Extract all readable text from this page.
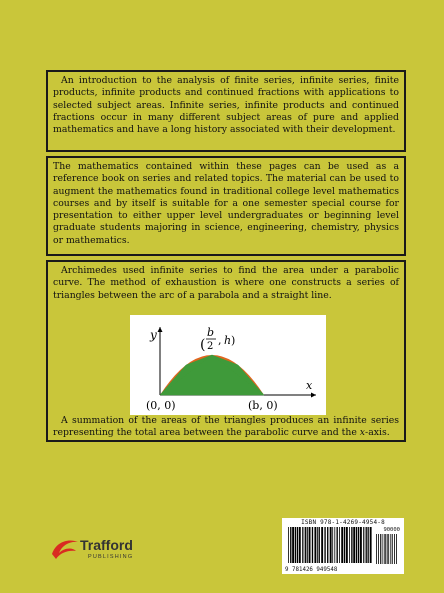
An introduction to the analysis of finite series, infinite series, finite products, infinite products and continued fractions with applications to selected subject areas. Infinite series, infinite products and continued fractions occur in many different subject areas of pure and applied mathematics and have a long history associated with their development.

The mathematics contained within these pages can be used as a reference book on series and related topics. The material can be used to augment the mathematics found in traditional college level mathematics courses and by itself is suitable for a one semester special course for presentation to either upper level undergraduates or beginning level graduate students majoring in science, engineering, chemistry, physics or mathematics.

Archimedes used infinite series to find the area under a parabolic curve. The method of exhaustion is where one constructs a series of triangles between the arc of a parabola and a straight line.

y
x
(
b
2 , h )
(0, 0)	(b, 0)

A summation of the areas of the triangles produces an infinite series representing the total area between the parabolic curve and the x-axis.

Trafford
PUBLISHING
ISBN 978-1-4269-4954-8
90000
9 781426 949548
